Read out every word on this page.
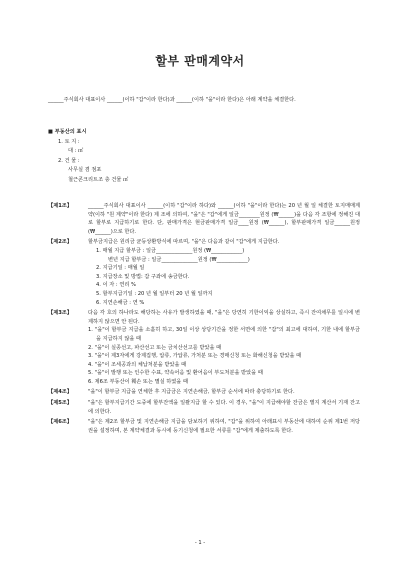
할부 판매계약서
______주식회사 대표이사 ______(이하 "갑"이라 한다)과 ______(이하 "을"이라 한다)은 아래 계약을 체결한다.
■ 부동산의 표시
1. 토 지 :
대 : ㎡
2. 건 물 :
사무실 겸 점포
철근콘크리트조 층 건물 ㎡
【제1조】	______주식회사 대표이사 ______(이하 "갑"이라 하다)와 ______(이하 "을"이라 한다)는 20 년 월 일 체결한 토지매매계약(이하 "원 계약"이라 한다) 제 조에 의하여, "을"은 "갑"에게 일금________원정 (₩______)을 다음 각 조항에 정해진 대로 할부로 지급하기로 한다. 단, 판매가격은 현금판매가격 일금____원정 (₩______), 할부판매가격 일금______원정 (₩______)으로 한다.
【제2조】	할부금지급은 원리금 균등상환방식에 따르며, "을"은 다음과 같이 "갑"에게 지급한다.
1. 매월 지급 할부금 : 일금______________원정 (₩____________)
변년 지급 할부금 : 일금______________원정 (₩____________)
2. 지급기일 : 매월 일
3. 지급장소 및 방법: 갑 구좌에 송금한다.
4. 이 자 : 연리 %
5. 할부지급기일 : 20 년 월 일부터 20 년 월 일까지
6. 지연손해금 : 연 %
【제3조】	다음 각 호의 하나라도 해당하는 사유가 발생하였을 때, "을"은 당연히 기한이익을 상실하고, 즉시 잔여채무를 일시에 변제하지 않으면 안 된다.
1. "을"이 할부금 지급을 소홀히 하고, 30일 이상 상당기간을 정한 서면에 의한 "갑"의 최고에 대하여, 기한 내에 할부금을 지급하지 않을 때
2. "을"이 실종선고, 파산선고 또는 금치산선고를 받았을 때
3. "을"이 제3자에게 강제집행, 압류, 가압류, 가처분 또는 경매신청 또는 화해신청을 받았을 때
4. "을"이 조세공과의 체납처분을 받았을 때
5. "을"이 발행 또는 인수한 수표, 약속어음 및 환어음이 부도처분을 받았을 때
6. 제6조 부동산이 훼손 또는 멸실 하였을 때
【제4조】	"을"이 할부금 지급을 연체한 후 지급금은 지연손해금, 할부금 순서에 따라 충당하기로 한다.
【제5조】	"을"은 할부지급기간 도중에 할부잔액을 일괄지급 할 수 있다. 이 경우, "을"이 지급해야할 잔금은 별지 계산서 기재 잔고에 의한다.
【제6조】	"을"은 제2조 할부금 및 지연손해금 지급을 담보하기 위하여, "갑"을 위하여 아래표시 부동산에 대하여 순위 제1번 저당권을 설정하며, 본 계약체결과 동시에 등기신청에 필요한 서류를 "갑"에게 제출하도록 한다.
- 1 -
